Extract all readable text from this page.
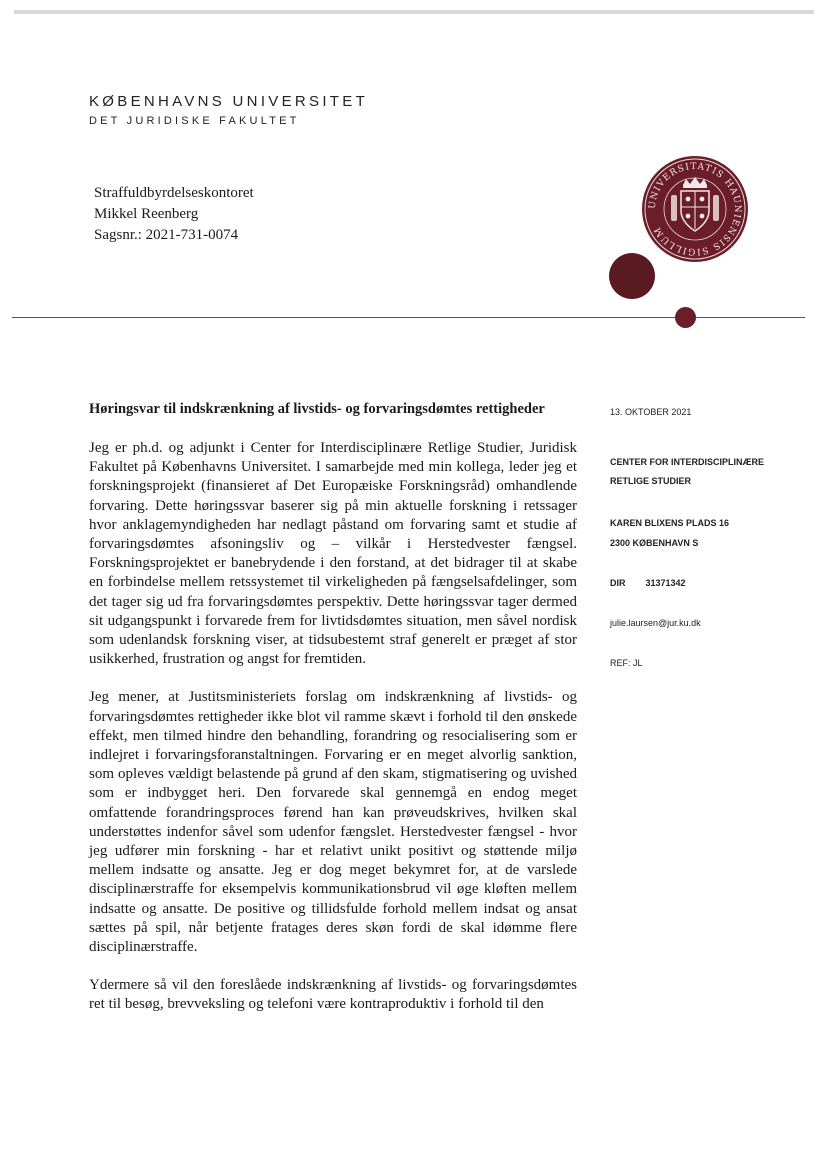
KØBENHAVNS UNIVERSITET
DET JURIDISKE FAKULTET
Straffuldbyrdelseskontoret
Mikkel Reenberg
Sagsnr.: 2021-731-0074
UNIVERSITATIS HAUNIENSIS SIGILLUM
Høringsvar til indskrænkning af livstids- og forvaringsdømtes rettigheder

Jeg er ph.d. og adjunkt i Center for Interdisciplinære Retlige Studier, Juridisk Fakultet på Københavns Universitet. I samarbejde med min kollega, leder jeg et forskningsprojekt (finansieret af Det Europæiske Forskningsråd) omhandlende forvaring. Dette høringssvar baserer sig på min aktuelle forskning i retssager hvor anklagemyndigheden har nedlagt påstand om forvaring samt et studie af forvaringsdømtes afsoningsliv og – vilkår i Herstedvester fængsel. Forskningsprojektet er banebrydende i den forstand, at det bidrager til at skabe en forbindelse mellem retssystemet til virkeligheden på fængselsafdelinger, som det tager sig ud fra forvaringsdømtes perspektiv. Dette høringssvar tager dermed sit udgangspunkt i forvarede frem for livtidsdømtes situation, men såvel nordisk som udenlandsk forskning viser, at tidsubestemt straf generelt er præget af stor usikkerhed, frustration og angst for fremtiden.

Jeg mener, at Justitsministeriets forslag om indskrænkning af livstids- og forvaringsdømtes rettigheder ikke blot vil ramme skævt i forhold til den ønskede effekt, men tilmed hindre den behandling, forandring og resocialisering som er indlejret i forvaringsforanstaltningen. Forvaring er en meget alvorlig sanktion, som opleves vældigt belastende på grund af den skam, stigmatisering og uvished som er indbygget heri. Den forvarede skal gennemgå en endog meget omfattende forandringsproces førend han kan prøveudskrives, hvilken skal understøttes indenfor såvel som udenfor fængslet. Herstedvester fængsel - hvor jeg udfører min forskning - har et relativt unikt positivt og støttende miljø mellem indsatte og ansatte. Jeg er dog meget bekymret for, at de varslede disciplinærstraffe for eksempelvis kommunikationsbrud vil øge kløften mellem indsatte og ansatte. De positive og tillidsfulde forhold mellem indsat og ansat sættes på spil, når betjente fratages deres skøn fordi de skal idømme flere disciplinærstraffe.

Ydermere så vil den foreslåede indskrænkning af livstids- og forvaringsdømtes ret til besøg, brevveksling og telefoni være kontraproduktiv i forhold til den

13. OKTOBER 2021
CENTER FOR INTERDISCIPLINÆRE
RETLIGE STUDIER
KAREN BLIXENS PLADS 16
2300 KØBENHAVN S
DIR 31371342
julie.laursen@jur.ku.dk
REF: JL
